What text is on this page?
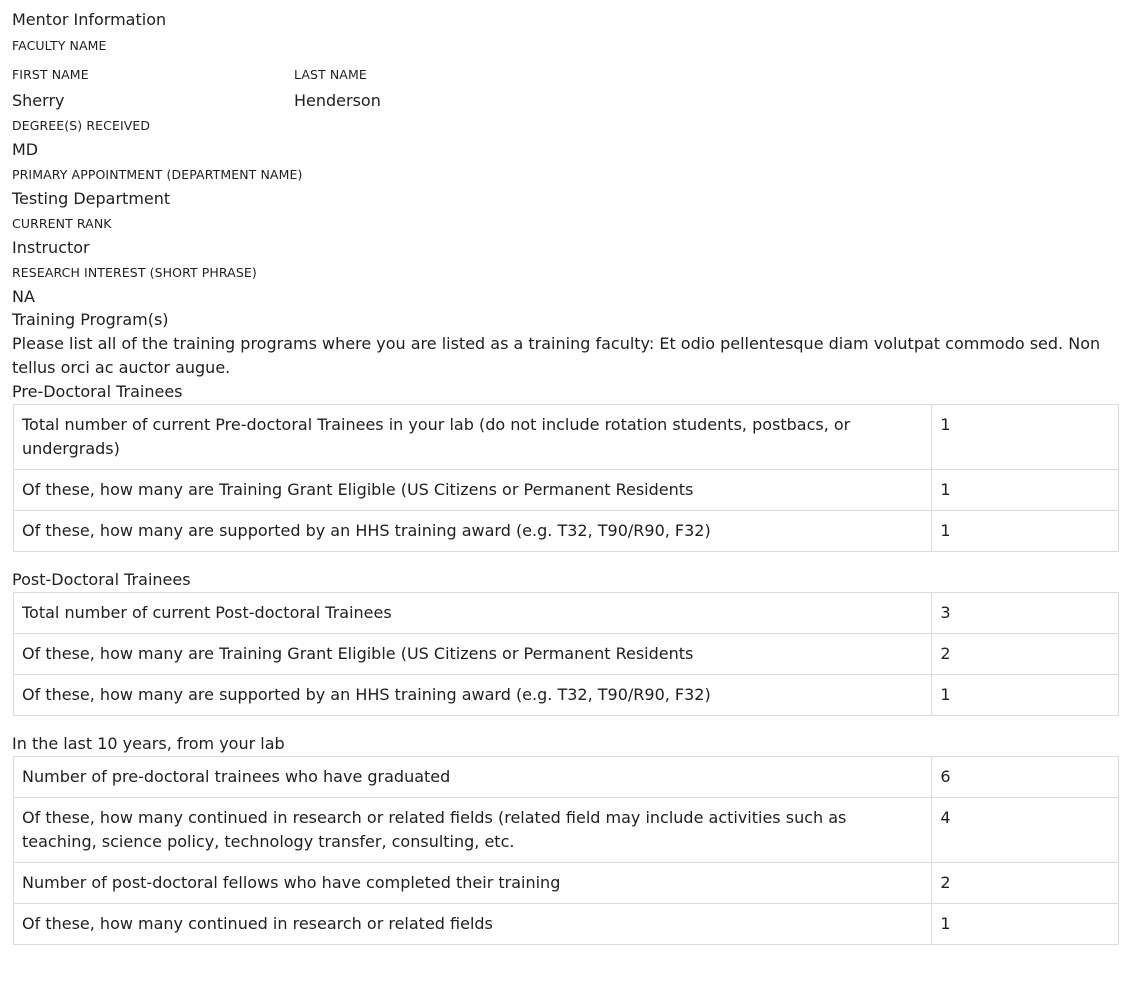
Mentor Information

FACULTY NAME

FIRST NAME

Sherry

LAST NAME

Henderson

DEGREE(S) RECEIVED

MD

PRIMARY APPOINTMENT (DEPARTMENT NAME)

Testing Department

CURRENT RANK

Instructor

RESEARCH INTEREST (SHORT PHRASE)

NA

Training Program(s)

Please list all of the training programs where you are listed as a training faculty: Et odio pellentesque diam volutpat commodo sed. Non tellus orci ac auctor augue.

Pre-Doctoral Trainees

Total number of current Pre-doctoral Trainees in your lab (do not include rotation students, postbacs, or undergrads)	1
Of these, how many are Training Grant Eligible (US Citizens or Permanent Residents	1
Of these, how many are supported by an HHS training award (e.g. T32, T90/R90, F32)	1

Post-Doctoral Trainees

Total number of current Post-doctoral Trainees	3
Of these, how many are Training Grant Eligible (US Citizens or Permanent Residents	2
Of these, how many are supported by an HHS training award (e.g. T32, T90/R90, F32)	1

In the last 10 years, from your lab

Number of pre-doctoral trainees who have graduated	6
Of these, how many continued in research or related fields (related field may include activities such as teaching, science policy, technology transfer, consulting, etc.	4
Number of post-doctoral fellows who have completed their training	2
Of these, how many continued in research or related fields	1
